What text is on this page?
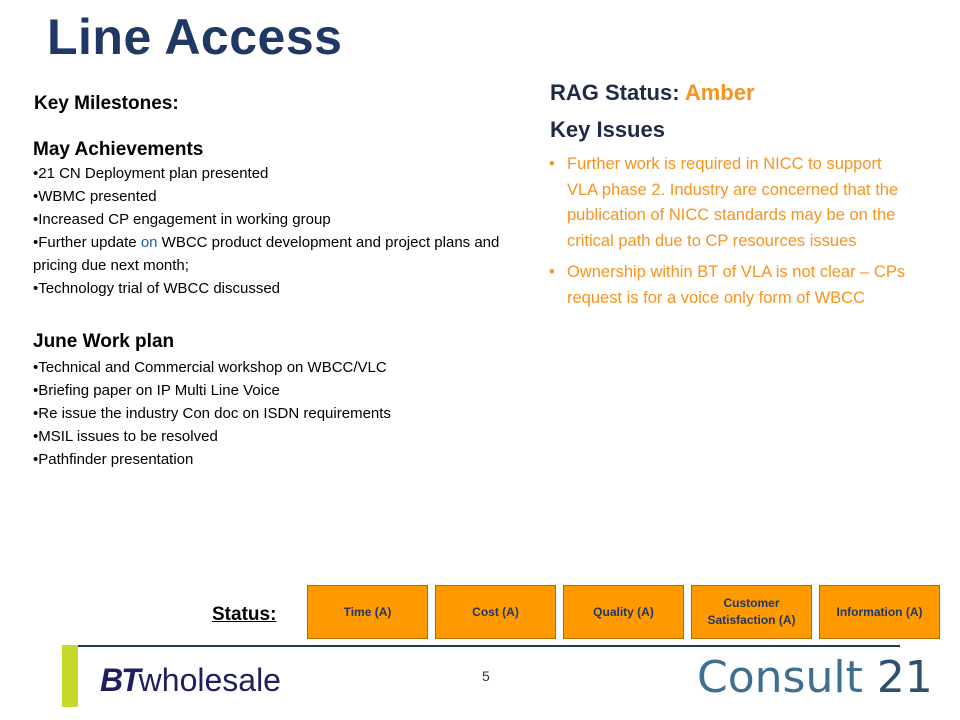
Line Access
Key Milestones:
May Achievements
•21 CN Deployment plan presented
•WBMC presented
•Increased CP engagement in working group
•Further update on WBCC product development and project plans and pricing due next month;
•Technology trial of WBCC discussed
June Work plan
•Technical and Commercial workshop on WBCC/VLC
•Briefing paper on IP Multi Line Voice
•Re issue the industry Con doc on ISDN requirements
•MSIL issues to be resolved
•Pathfinder presentation
RAG Status: Amber
Key Issues
• Further work is required in NICC to support VLA phase 2. Industry are concerned that the publication of NICC standards may be on the critical path due to CP resources issues
• Ownership within BT of VLA is not clear – CPs request is for a voice only form of WBCC
Status:	Time (A)	Cost (A)	Quality (A)
Customer Satisfaction (A)
Information (A)
BTwholesale	5	Consult 21
